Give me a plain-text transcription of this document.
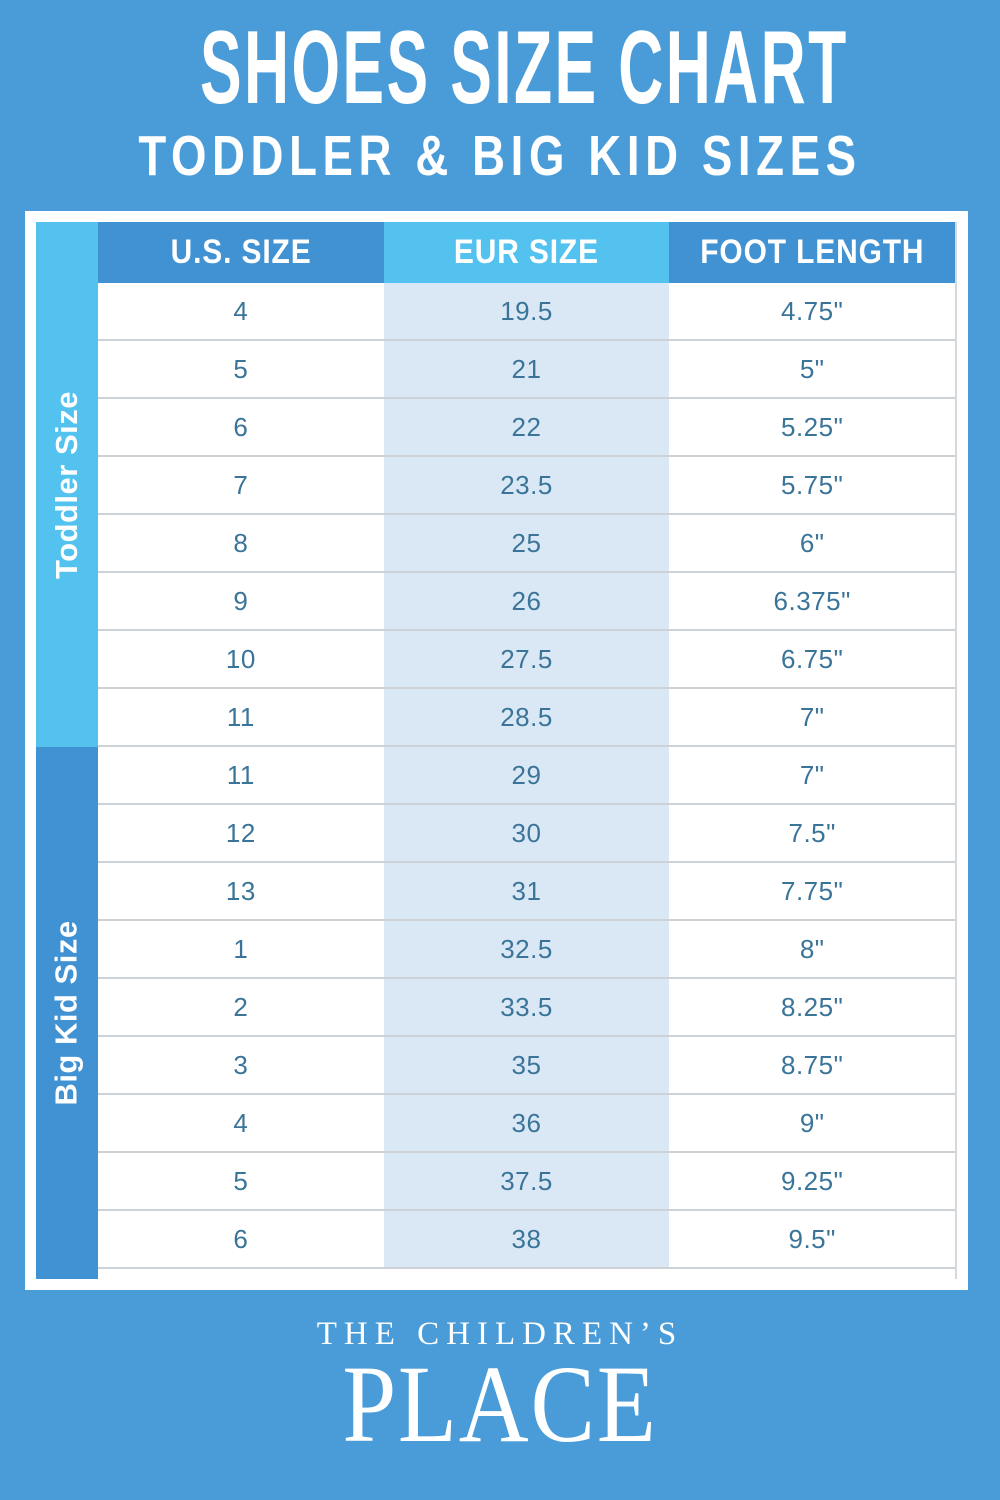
SHOES SIZE CHART
TODDLER & BIG KID SIZES
Toddler Size
Big Kid Size
U.S. SIZE	EUR SIZE	FOOT LENGTH
4	19.5	4.75"
5	21	5"
6	22	5.25"
7	23.5	5.75"
8	25	6"
9	26	6.375"
10	27.5	6.75"
11	28.5	7"
11	29	7"
12	30	7.5"
13	31	7.75"
1	32.5	8"
2	33.5	8.25"
3	35	8.75"
4	36	9"
5	37.5	9.25"
6	38	9.5"
THE CHILDREN’S
PLACE
